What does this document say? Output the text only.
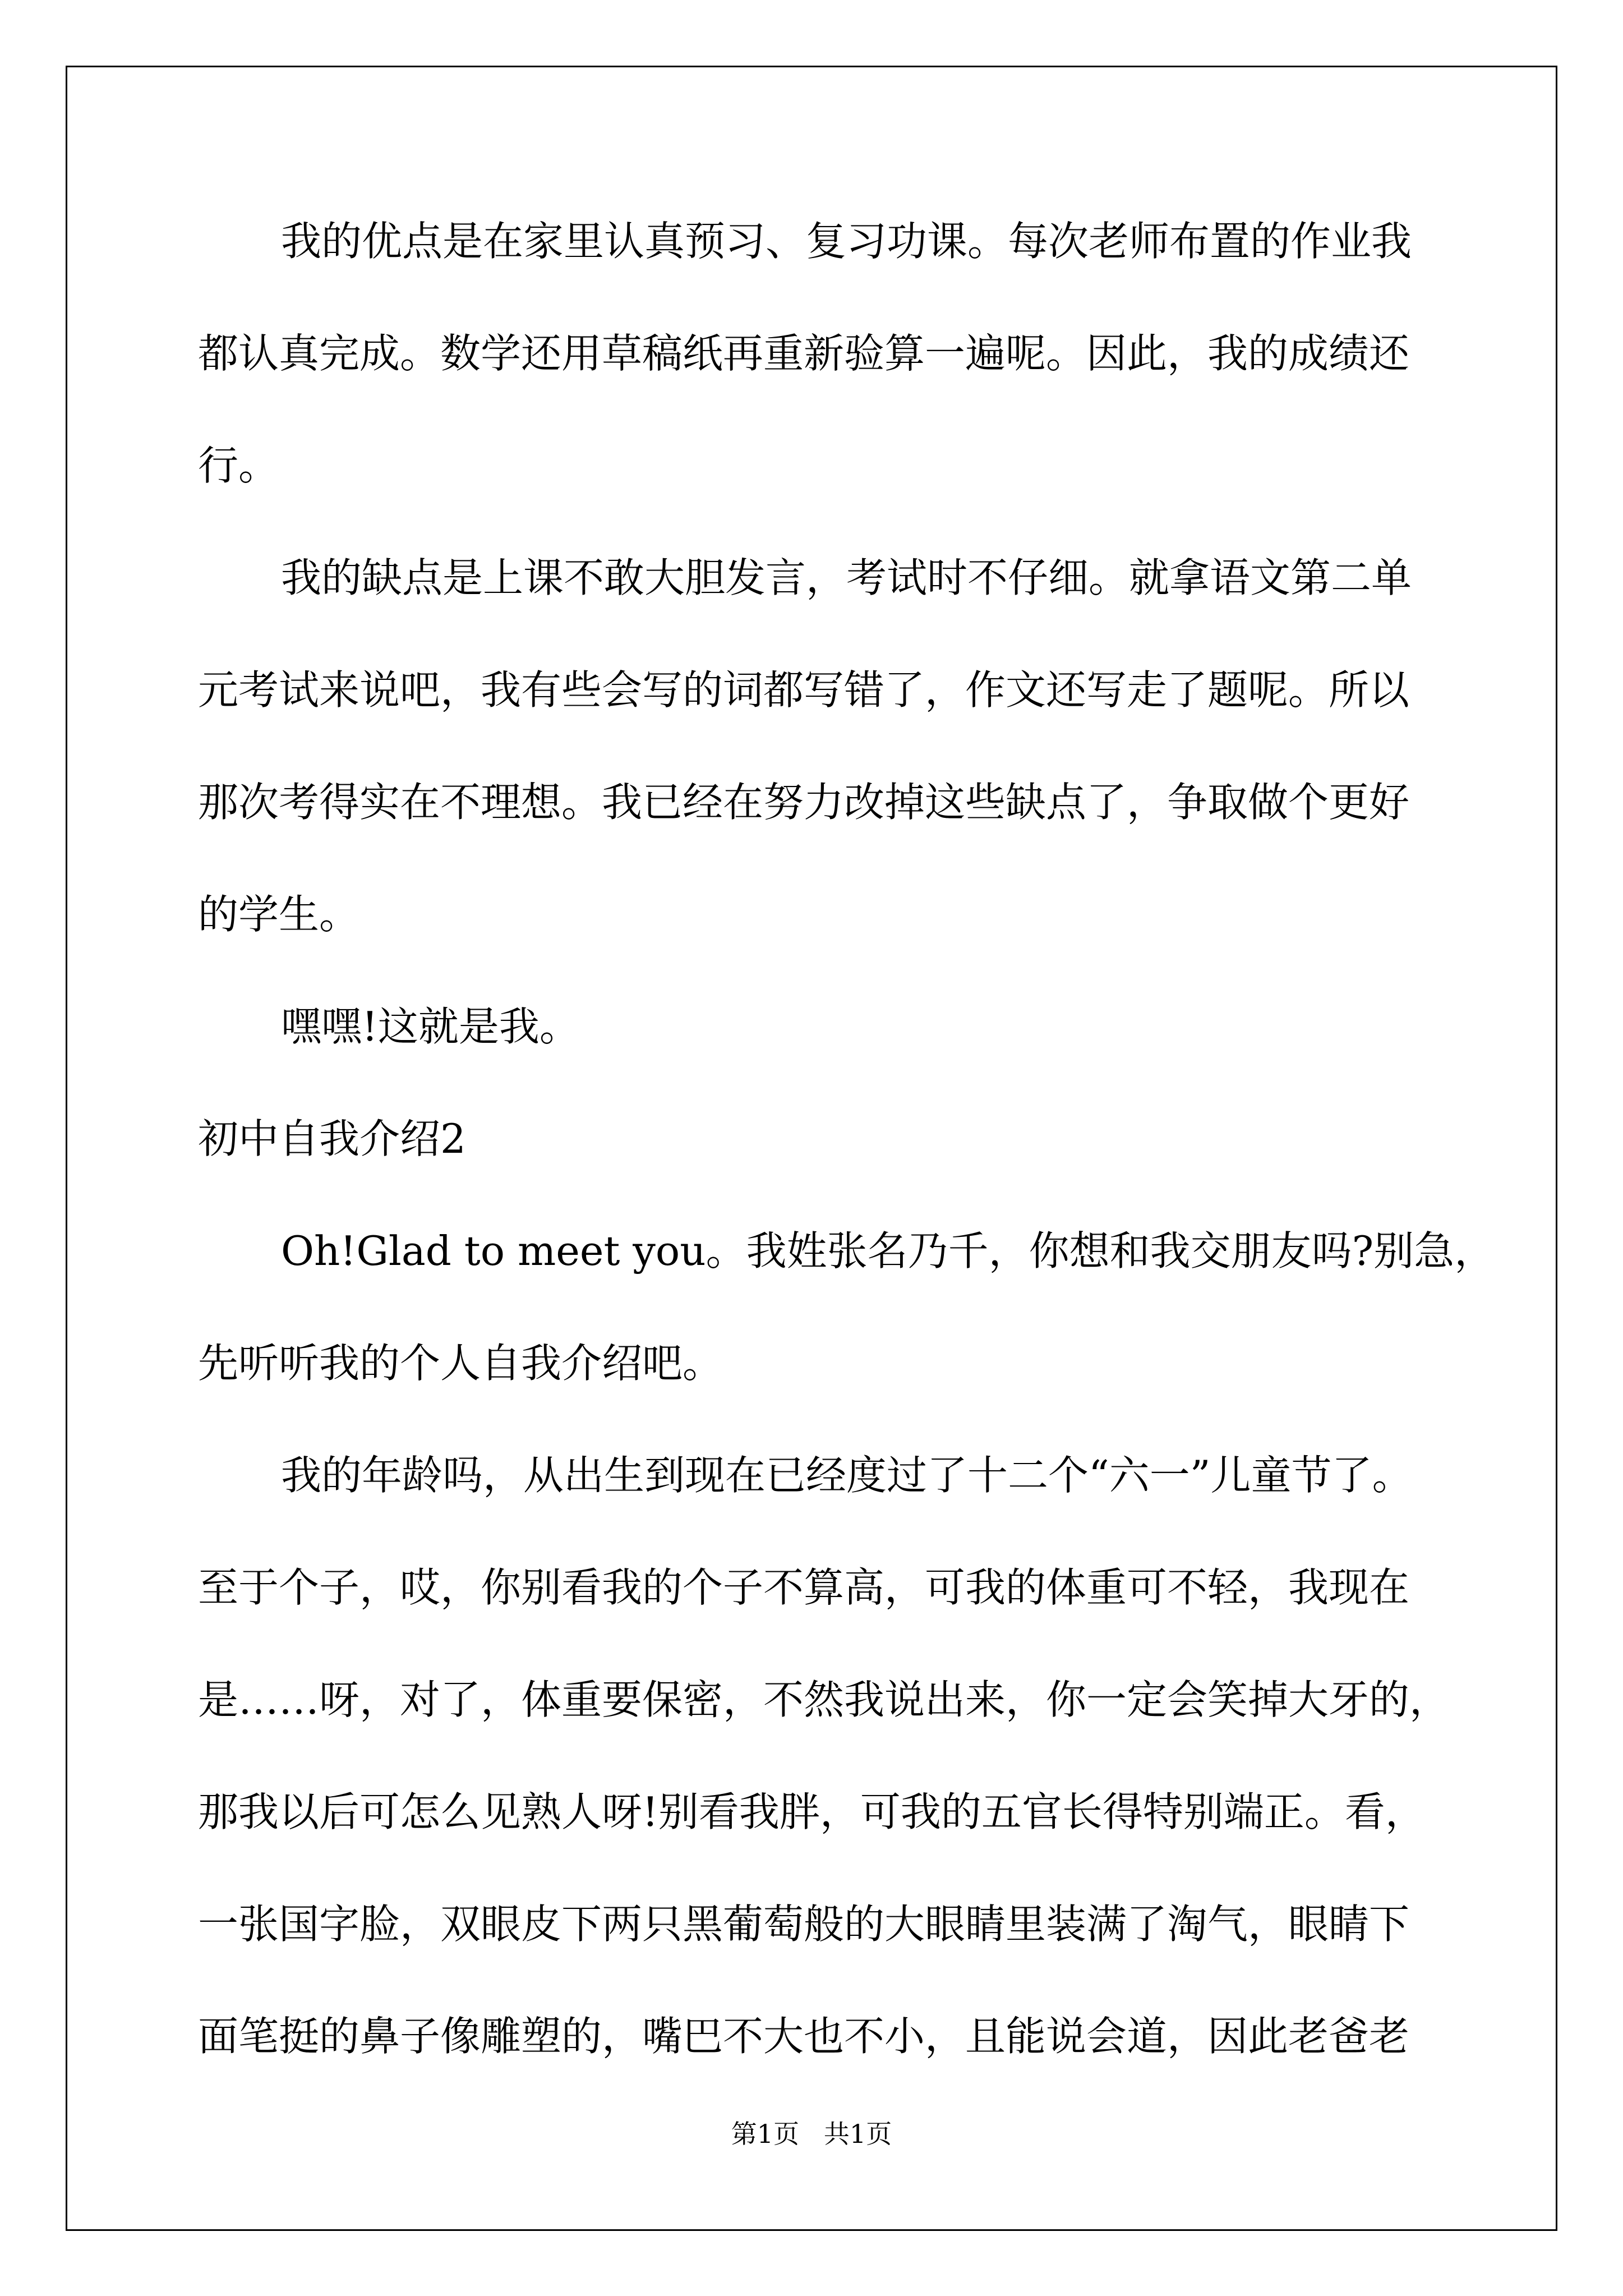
我的优点是在家里认真预习、复习功课。每次老师布置的作业我
都认真完成。数学还用草稿纸再重新验算一遍呢。因此，我的成绩还
行。
我的缺点是上课不敢大胆发言，考试时不仔细。就拿语文第二单
元考试来说吧，我有些会写的词都写错了，作文还写走了题呢。所以
那次考得实在不理想。我已经在努力改掉这些缺点了，争取做个更好
的学生。
嘿嘿!这就是我。
初中自我介绍2
Oh!Glad to meet you。我姓张名乃千，你想和我交朋友吗?别急，
先听听我的个人自我介绍吧。
我的年龄吗，从出生到现在已经度过了十二个“六一”儿童节了。
至于个子，哎，你别看我的个子不算高，可我的体重可不轻，我现在
是……呀，对了，体重要保密，不然我说出来，你一定会笑掉大牙的，
那我以后可怎么见熟人呀!别看我胖，可我的五官长得特别端正。看，
一张国字脸，双眼皮下两只黑葡萄般的大眼睛里装满了淘气，眼睛下
面笔挺的鼻子像雕塑的，嘴巴不大也不小，且能说会道，因此老爸老
第1页   共1页
